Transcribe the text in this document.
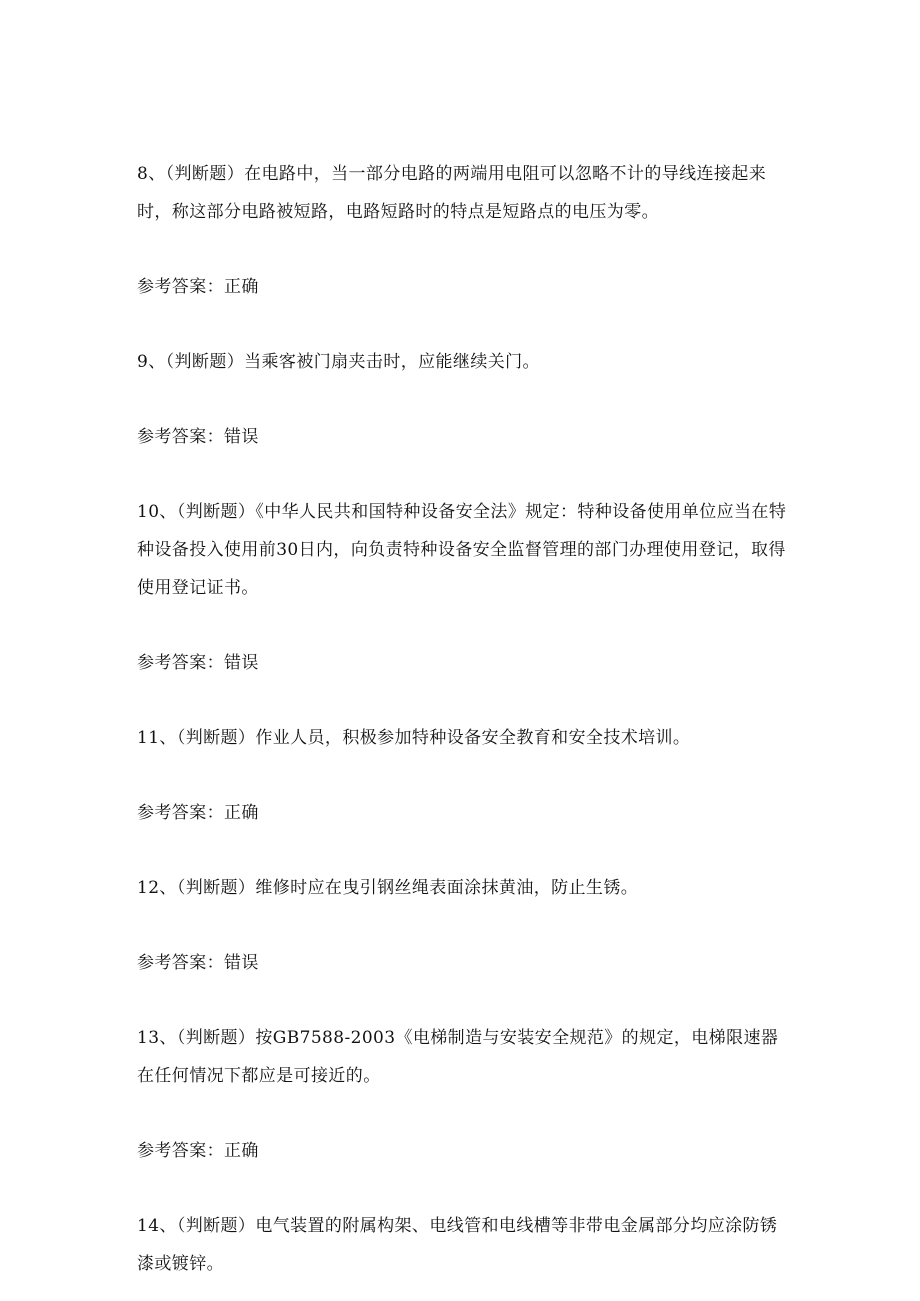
8、（判断题）在电路中，当一部分电路的两端用电阻可以忽略不计的导线连接起来时，称这部分电路被短路，电路短路时的特点是短路点的电压为零。

参考答案：正确

9、（判断题）当乘客被门扇夹击时，应能继续关门。

参考答案：错误

10、（判断题）《中华人民共和国特种设备安全法》规定：特种设备使用单位应当在特种设备投入使用前30日内，向负责特种设备安全监督管理的部门办理使用登记，取得使用登记证书。

参考答案：错误

11、（判断题）作业人员，积极参加特种设备安全教育和安全技术培训。

参考答案：正确

12、（判断题）维修时应在曳引钢丝绳表面涂抹黄油，防止生锈。

参考答案：错误

13、（判断题）按GB7588-2003《电梯制造与安装安全规范》的规定，电梯限速器在任何情况下都应是可接近的。

参考答案：正确

14、（判断题）电气装置的附属构架、电线管和电线槽等非带电金属部分均应涂防锈漆或镀锌。
